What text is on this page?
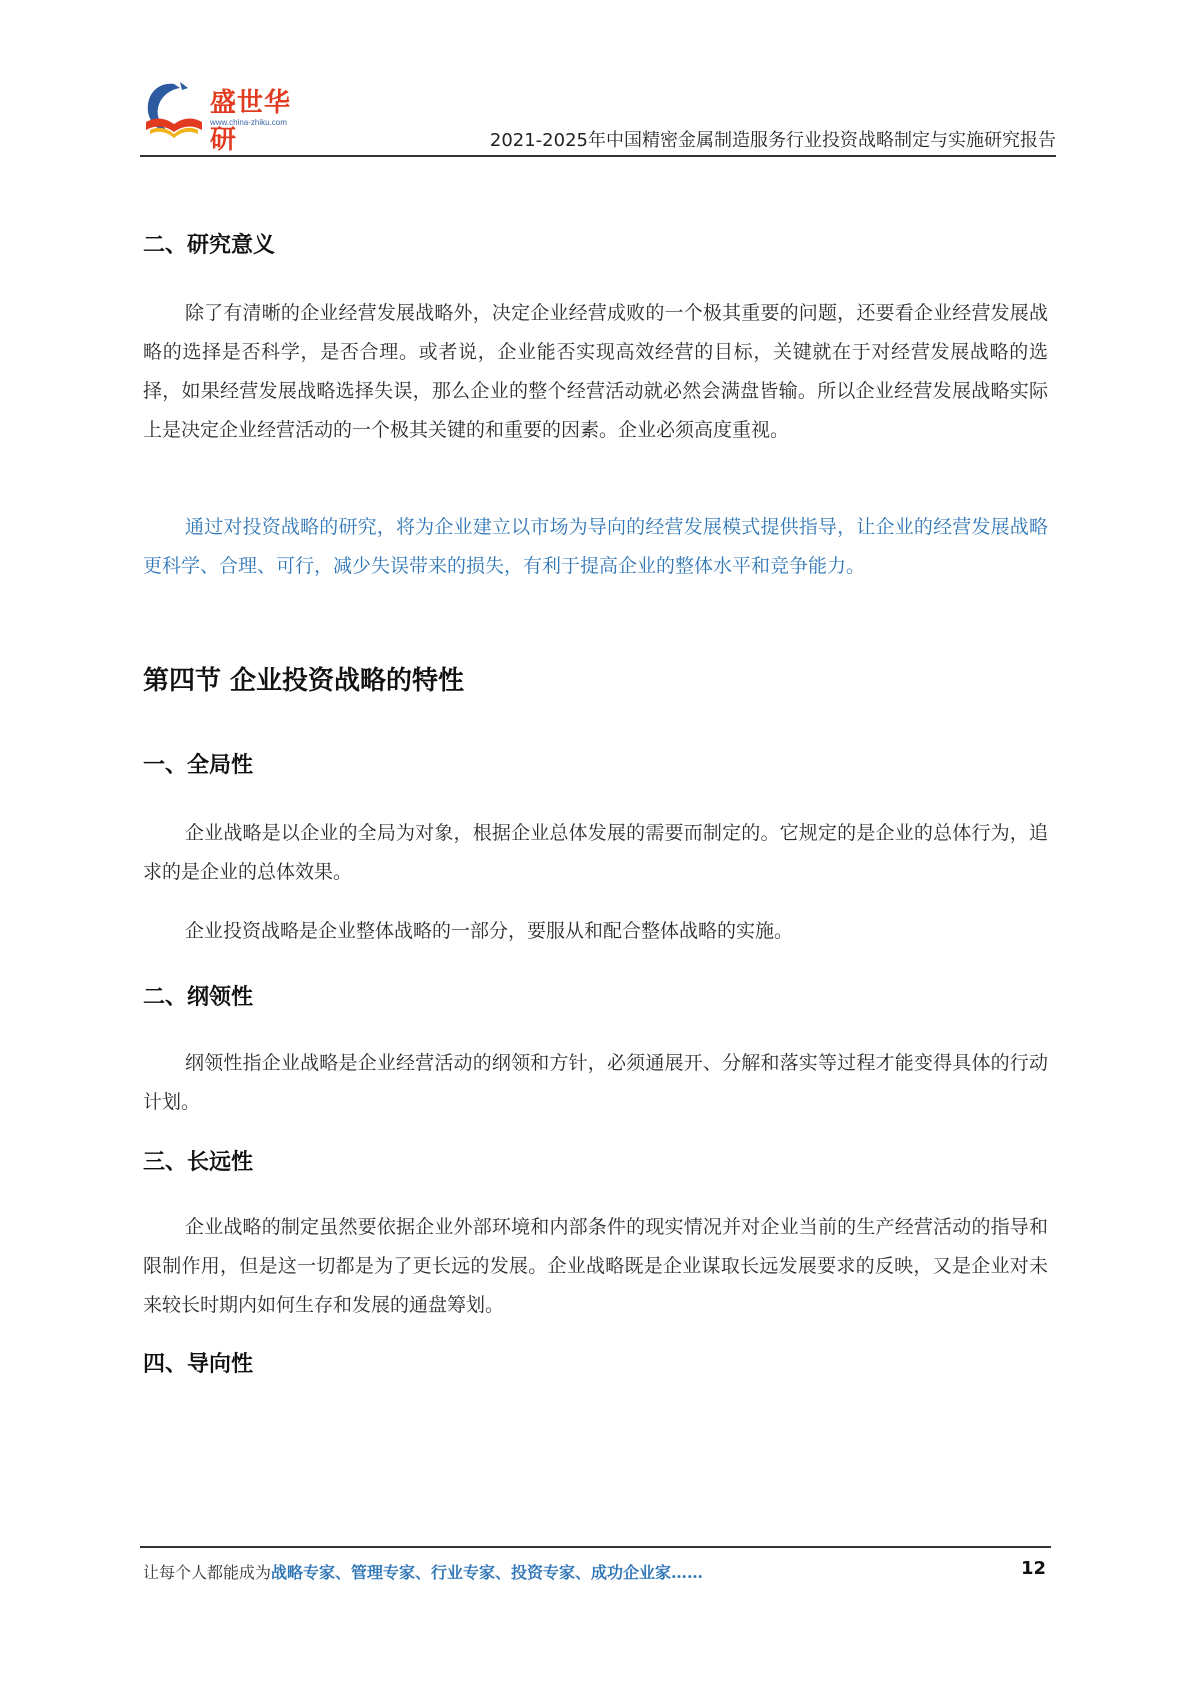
盛世华研
www.china-zhiku.com
2021-2025年中国精密金属制造服务行业投资战略制定与实施研究报告
二、研究意义

除了有清晰的企业经营发展战略外，决定企业经营成败的一个极其重要的问题，还要看企业经营发展战略的选择是否科学，是否合理。或者说，企业能否实现高效经营的目标，关键就在于对经营发展战略的选择，如果经营发展战略选择失误，那么企业的整个经营活动就必然会满盘皆输。所以企业经营发展战略实际上是决定企业经营活动的一个极其关键的和重要的因素。企业必须高度重视。

通过对投资战略的研究，将为企业建立以市场为导向的经营发展模式提供指导，让企业的经营发展战略更科学、合理、可行，减少失误带来的损失，有利于提高企业的整体水平和竞争能力。

第四节 企业投资战略的特性
一、全局性

企业战略是以企业的全局为对象，根据企业总体发展的需要而制定的。它规定的是企业的总体行为，追求的是企业的总体效果。

企业投资战略是企业整体战略的一部分，要服从和配合整体战略的实施。

二、纲领性

纲领性指企业战略是企业经营活动的纲领和方针，必须通展开、分解和落实等过程才能变得具体的行动计划。

三、长远性

企业战略的制定虽然要依据企业外部环境和内部条件的现实情况并对企业当前的生产经营活动的指导和限制作用，但是这一切都是为了更长远的发展。企业战略既是企业谋取长远发展要求的反映，又是企业对未来较长时期内如何生存和发展的通盘筹划。

四、导向性
让每个人都能成为战略专家、管理专家、行业专家、投资专家、成功企业家……	12
